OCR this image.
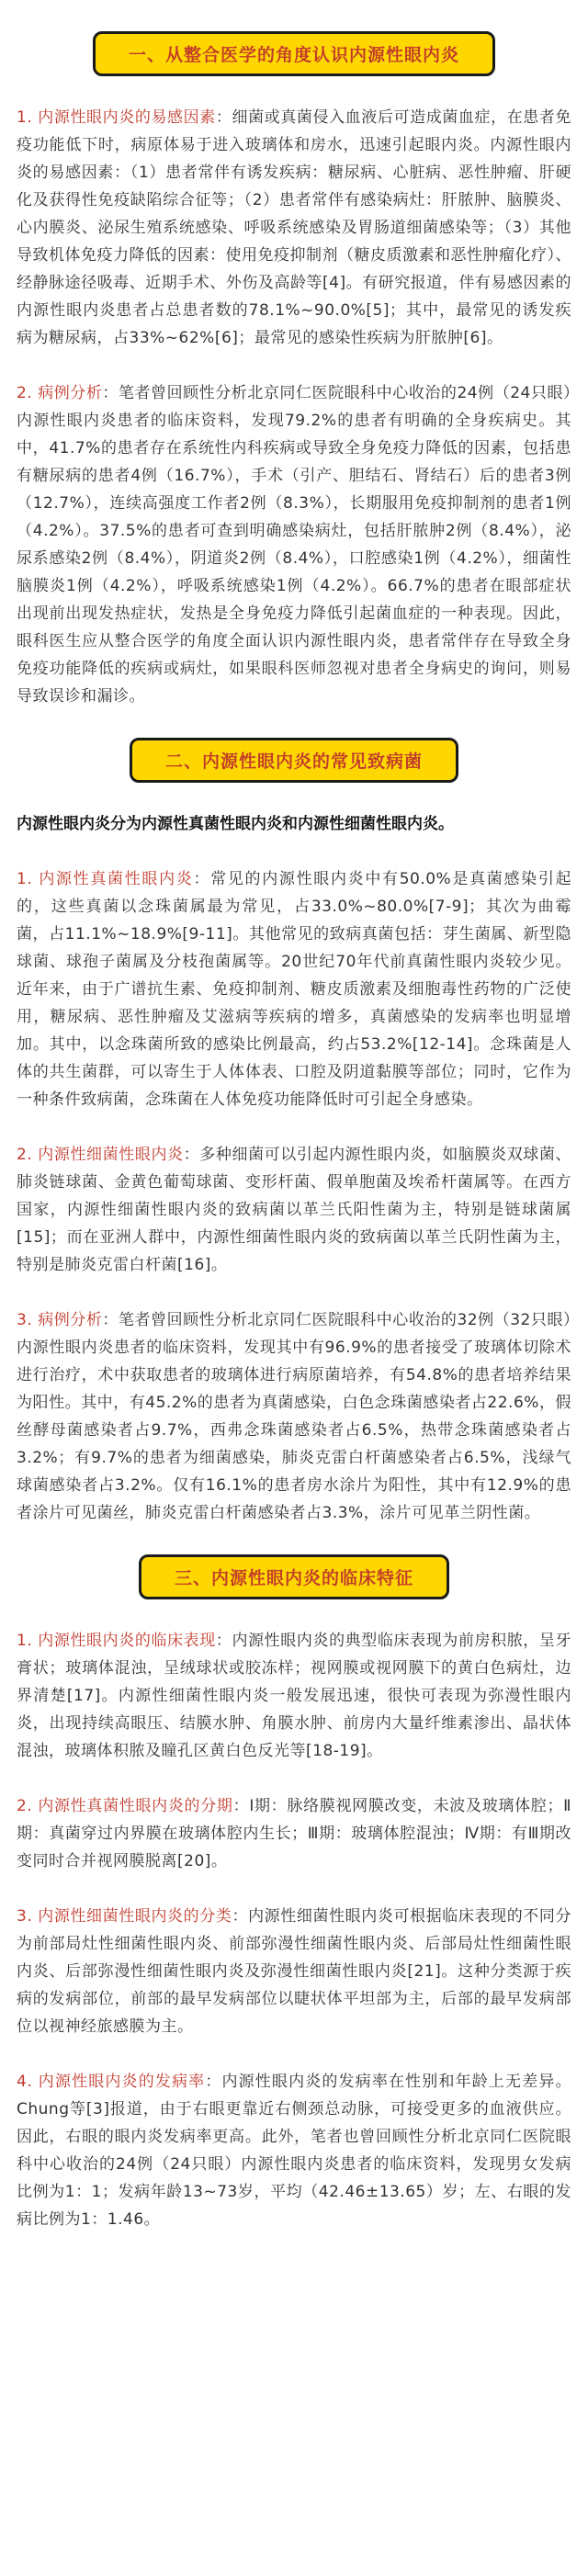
一、从整合医学的角度认识内源性眼内炎

1. 内源性眼内炎的易感因素：细菌或真菌侵入血液后可造成菌血症，在患者免疫功能低下时，病原体易于进入玻璃体和房水，迅速引起眼内炎。内源性眼内炎的易感因素：（1）患者常伴有诱发疾病：糖尿病、心脏病、恶性肿瘤、肝硬化及获得性免疫缺陷综合征等；（2）患者常伴有感染病灶：肝脓肿、脑膜炎、心内膜炎、泌尿生殖系统感染、呼吸系统感染及胃肠道细菌感染等；（3）其他导致机体免疫力降低的因素：使用免疫抑制剂（糖皮质激素和恶性肿瘤化疗）、经静脉途径吸毒、近期手术、外伤及高龄等[4]。有研究报道，伴有易感因素的内源性眼内炎患者占总患者数的78.1%~90.0%[5]；其中，最常见的诱发疾病为糖尿病，占33%~62%[6]；最常见的感染性疾病为肝脓肿[6]。

2. 病例分析：笔者曾回顾性分析北京同仁医院眼科中心收治的24例（24只眼）内源性眼内炎患者的临床资料，发现79.2%的患者有明确的全身疾病史。其中，41.7%的患者存在系统性内科疾病或导致全身免疫力降低的因素，包括患有糖尿病的患者4例（16.7%），手术（引产、胆结石、肾结石）后的患者3例（12.7%），连续高强度工作者2例（8.3%），长期服用免疫抑制剂的患者1例（4.2%）。37.5%的患者可查到明确感染病灶，包括肝脓肿2例（8.4%），泌尿系感染2例（8.4%），阴道炎2例（8.4%），口腔感染1例（4.2%），细菌性脑膜炎1例（4.2%），呼吸系统感染1例（4.2%）。66.7%的患者在眼部症状出现前出现发热症状，发热是全身免疫力降低引起菌血症的一种表现。因此，眼科医生应从整合医学的角度全面认识内源性眼内炎，患者常伴存在导致全身免疫功能降低的疾病或病灶，如果眼科医师忽视对患者全身病史的询问，则易导致误诊和漏诊。

二、内源性眼内炎的常见致病菌

内源性眼内炎分为内源性真菌性眼内炎和内源性细菌性眼内炎。

1. 内源性真菌性眼内炎：常见的内源性眼内炎中有50.0%是真菌感染引起的，这些真菌以念珠菌属最为常见，占33.0%~80.0%[7-9]；其次为曲霉菌，占11.1%~18.9%[9-11]。其他常见的致病真菌包括：芽生菌属、新型隐球菌、球孢子菌属及分枝孢菌属等。20世纪70年代前真菌性眼内炎较少见。近年来，由于广谱抗生素、免疫抑制剂、糖皮质激素及细胞毒性药物的广泛使用，糖尿病、恶性肿瘤及艾滋病等疾病的增多，真菌感染的发病率也明显增加。其中，以念珠菌所致的感染比例最高，约占53.2%[12-14]。念珠菌是人体的共生菌群，可以寄生于人体体表、口腔及阴道黏膜等部位；同时，它作为一种条件致病菌，念珠菌在人体免疫功能降低时可引起全身感染。

2. 内源性细菌性眼内炎：多种细菌可以引起内源性眼内炎，如脑膜炎双球菌、肺炎链球菌、金黄色葡萄球菌、变形杆菌、假单胞菌及埃希杆菌属等。在西方国家，内源性细菌性眼内炎的致病菌以革兰氏阳性菌为主，特别是链球菌属[15]；而在亚洲人群中，内源性细菌性眼内炎的致病菌以革兰氏阴性菌为主，特别是肺炎克雷白杆菌[16]。

3. 病例分析：笔者曾回顾性分析北京同仁医院眼科中心收治的32例（32只眼）内源性眼内炎患者的临床资料，发现其中有96.9%的患者接受了玻璃体切除术进行治疗，术中获取患者的玻璃体进行病原菌培养，有54.8%的患者培养结果为阳性。其中，有45.2%的患者为真菌感染，白色念珠菌感染者占22.6%，假丝酵母菌感染者占9.7%，西弗念珠菌感染者占6.5%，热带念珠菌感染者占3.2%；有9.7%的患者为细菌感染，肺炎克雷白杆菌感染者占6.5%，浅绿气球菌感染者占3.2%。仅有16.1%的患者房水涂片为阳性，其中有12.9%的患者涂片可见菌丝，肺炎克雷白杆菌感染者占3.3%，涂片可见革兰阴性菌。

三、内源性眼内炎的临床特征

1. 内源性眼内炎的临床表现：内源性眼内炎的典型临床表现为前房积脓，呈牙膏状；玻璃体混浊，呈绒球状或胶冻样；视网膜或视网膜下的黄白色病灶，边界清楚[17]。内源性细菌性眼内炎一般发展迅速，很快可表现为弥漫性眼内炎，出现持续高眼压、结膜水肿、角膜水肿、前房内大量纤维素渗出、晶状体混浊，玻璃体积脓及瞳孔区黄白色反光等[18-19]。

2. 内源性真菌性眼内炎的分期：Ⅰ期：脉络膜视网膜改变，未波及玻璃体腔；Ⅱ期：真菌穿过内界膜在玻璃体腔内生长；Ⅲ期：玻璃体腔混浊；Ⅳ期：有Ⅲ期改变同时合并视网膜脱离[20]。

3. 内源性细菌性眼内炎的分类：内源性细菌性眼内炎可根据临床表现的不同分为前部局灶性细菌性眼内炎、前部弥漫性细菌性眼内炎、后部局灶性细菌性眼内炎、后部弥漫性细菌性眼内炎及弥漫性细菌性眼内炎[21]。这种分类源于疾病的发病部位，前部的最早发病部位以睫状体平坦部为主，后部的最早发病部位以视神经旅感膜为主。

4. 内源性眼内炎的发病率：内源性眼内炎的发病率在性别和年龄上无差异。Chung等[3]报道，由于右眼更靠近右侧颈总动脉，可接受更多的血液供应。因此，右眼的眼内炎发病率更高。此外，笔者也曾回顾性分析北京同仁医院眼科中心收治的24例（24只眼）内源性眼内炎患者的临床资料，发现男女发病比例为1：1；发病年龄13~73岁，平均（42.46±13.65）岁；左、右眼的发病比例为1：1.46。
